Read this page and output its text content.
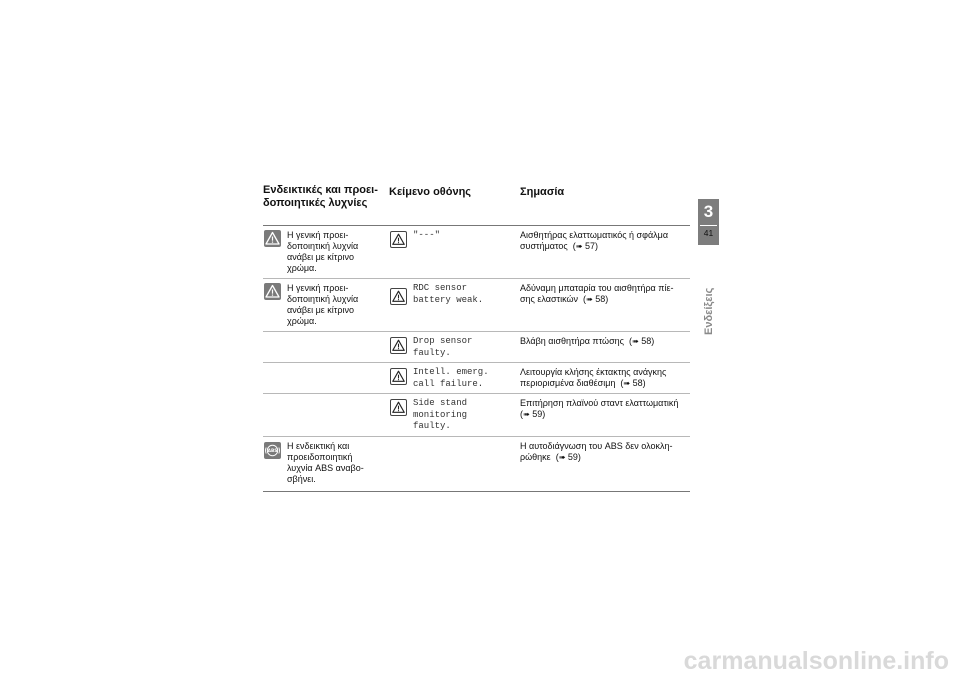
Ενδεικτικές και προει-
δοποιητικές λυχνίες
Κείμενο οθόνης	Σημασία
Η γενική προει-
δοποιητική λυχνία
ανάβει με κίτρινο
χρώμα.
"---"	Αισθητήρας ελαττωματικός ή σφάλμα
συστήματος  (➠ 57)
Η γενική προει-
δοποιητική λυχνία
ανάβει με κίτρινο
χρώμα.
RDC sensor
battery weak.
Αδύναμη μπαταρία του αισθητήρα πίε-
σης ελαστικών  (➠ 58)
Drop sensor
faulty.
Βλάβη αισθητήρα πτώσης  (➠ 58)
Intell. emerg.
call failure.
Λειτουργία κλήσης έκτακτης ανάγκης
περιορισμένα διαθέσιμη  (➠ 58)
Side stand
monitoring
faulty.
Επιτήρηση πλαϊνού σταντ ελαττωματική
(➠ 59)
ABS
Η ενδεικτική και
προειδοποιητική
λυχνία ABS αναβο-
σβήνει.
Η αυτοδιάγνωση του ABS δεν ολοκλη-
ρώθηκε  (➠ 59)
3
41
Ενδείξεις
carmanualsonline.info
